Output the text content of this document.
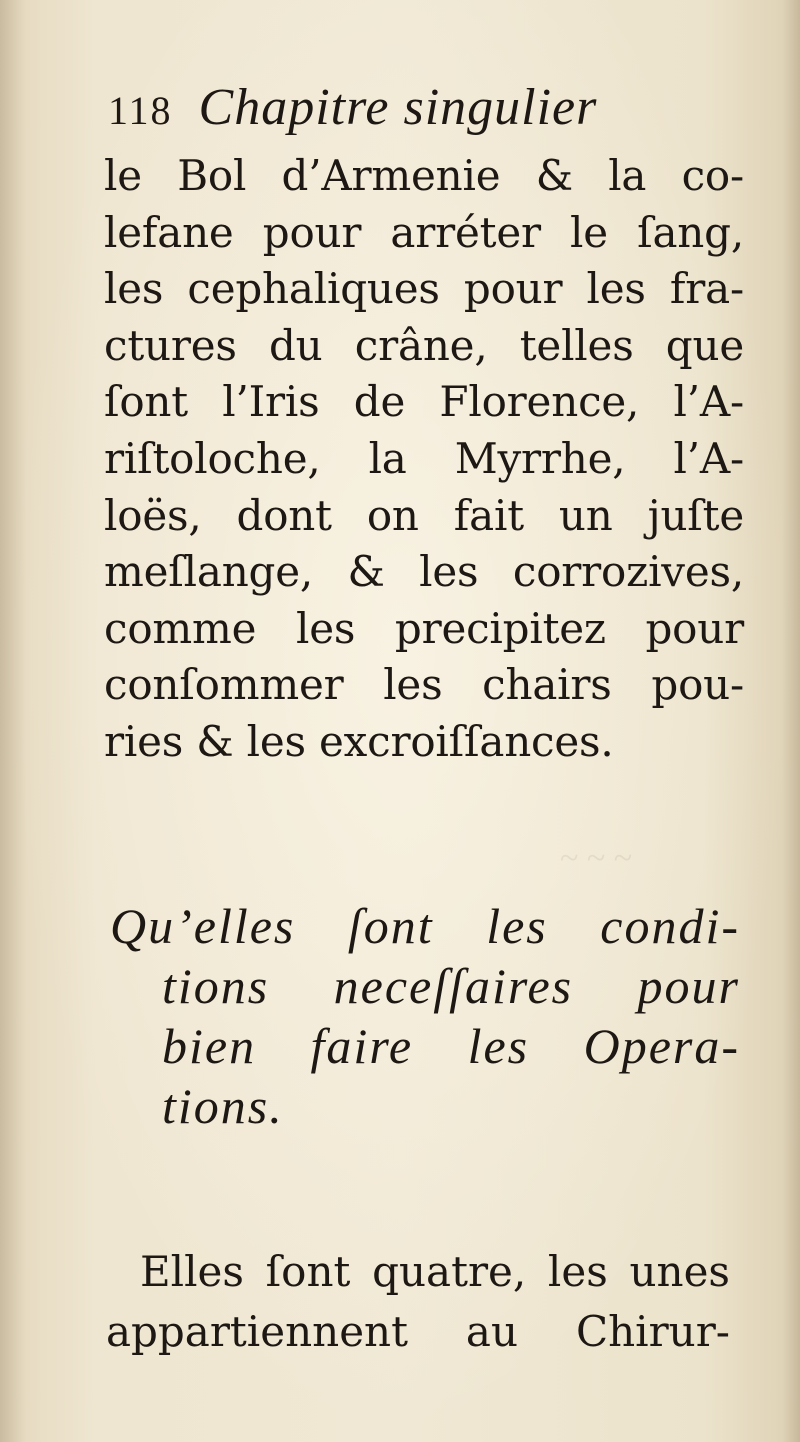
~ ~ ~
118 Chapitre singulier
le Bol d’Armenie & la co-
lefane pour arréter le ſang,
les cephaliques pour les fra-
ctures du crâne, telles que
ſont l’Iris de Florence, l’A-
riſtoloche, la Myrrhe, l’A-
loës, dont on fait un juſte
meſlange, & les corrozives,
comme les precipitez pour
conſommer les chairs pou-
ries & les excroiſſances.
Qu’elles ſont les condi-
tions neceſſaires pour
bien faire les Opera-
tions.
Elles ſont quatre, les unes
appartiennent au Chirur-
